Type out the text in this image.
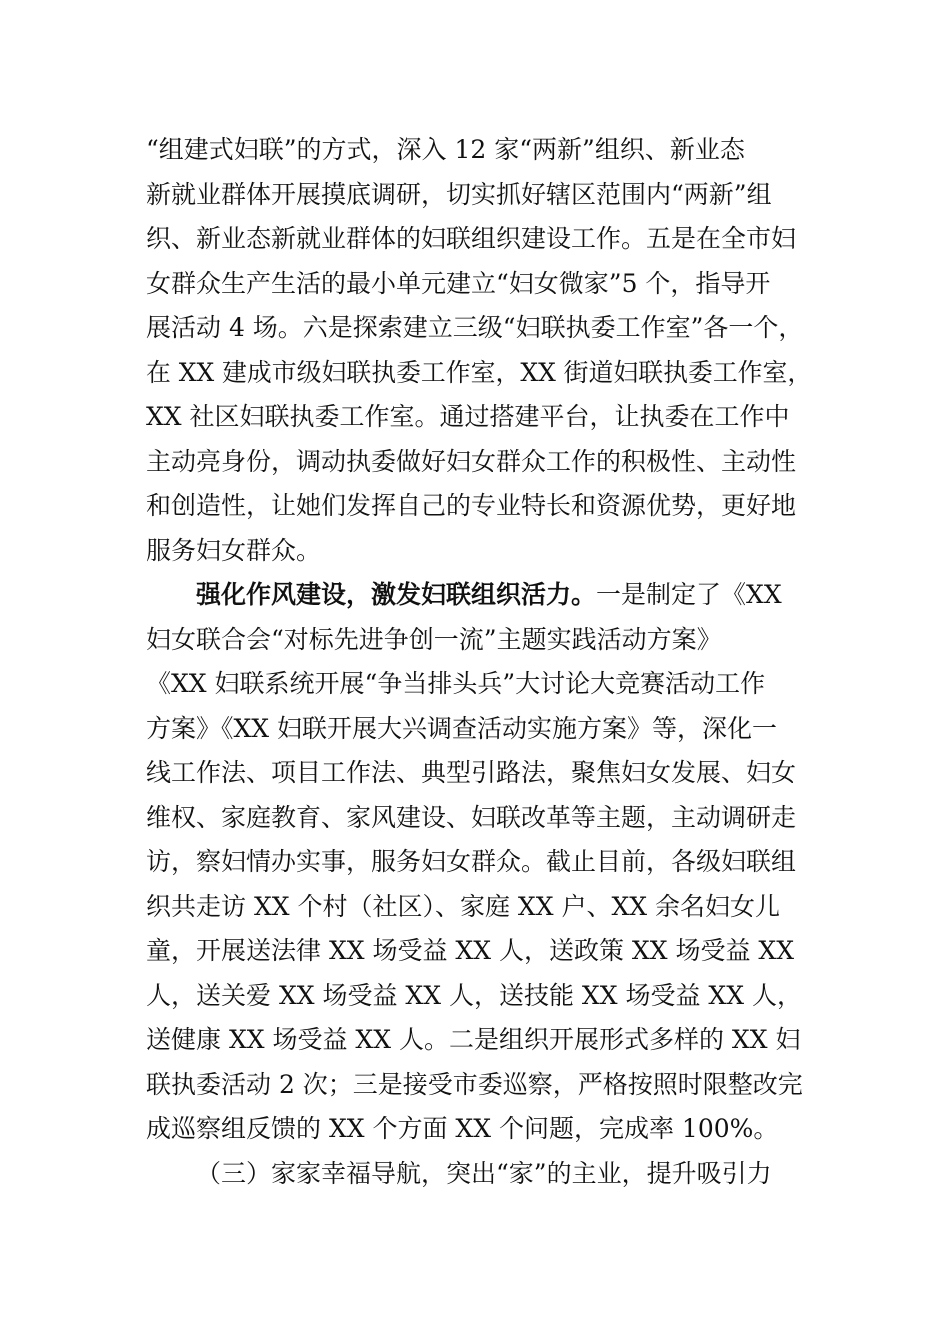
“组建式妇联”的方式，深入 12 家“两新”组织、新业态
新就业群体开展摸底调研，切实抓好辖区范围内“两新”组
织、新业态新就业群体的妇联组织建设工作。五是在全市妇
女群众生产生活的最小单元建立“妇女微家”5 个，指导开
展活动 4 场。六是探索建立三级“妇联执委工作室”各一个，
在 XX 建成市级妇联执委工作室，XX 街道妇联执委工作室，
XX 社区妇联执委工作室。通过搭建平台，让执委在工作中
主动亮身份，调动执委做好妇女群众工作的积极性、主动性
和创造性，让她们发挥自己的专业特长和资源优势，更好地
服务妇女群众。
强化作风建设，激发妇联组织活力。一是制定了《XX
妇女联合会“对标先进争创一流”主题实践活动方案》
《XX 妇联系统开展“争当排头兵”大讨论大竞赛活动工作
方案》《XX 妇联开展大兴调查活动实施方案》等，深化一
线工作法、项目工作法、典型引路法，聚焦妇女发展、妇女
维权、家庭教育、家风建设、妇联改革等主题，主动调研走
访，察妇情办实事，服务妇女群众。截止目前，各级妇联组
织共走访 XX 个村（社区）、家庭 XX 户、XX 余名妇女儿
童，开展送法律 XX 场受益 XX 人，送政策 XX 场受益 XX
人，送关爱 XX 场受益 XX 人，送技能 XX 场受益 XX 人，
送健康 XX 场受益 XX 人。二是组织开展形式多样的 XX 妇
联执委活动 2 次；三是接受市委巡察，严格按照时限整改完
成巡察组反馈的 XX 个方面 XX 个问题，完成率 100%。
（三）家家幸福导航，突出“家”的主业，提升吸引力
